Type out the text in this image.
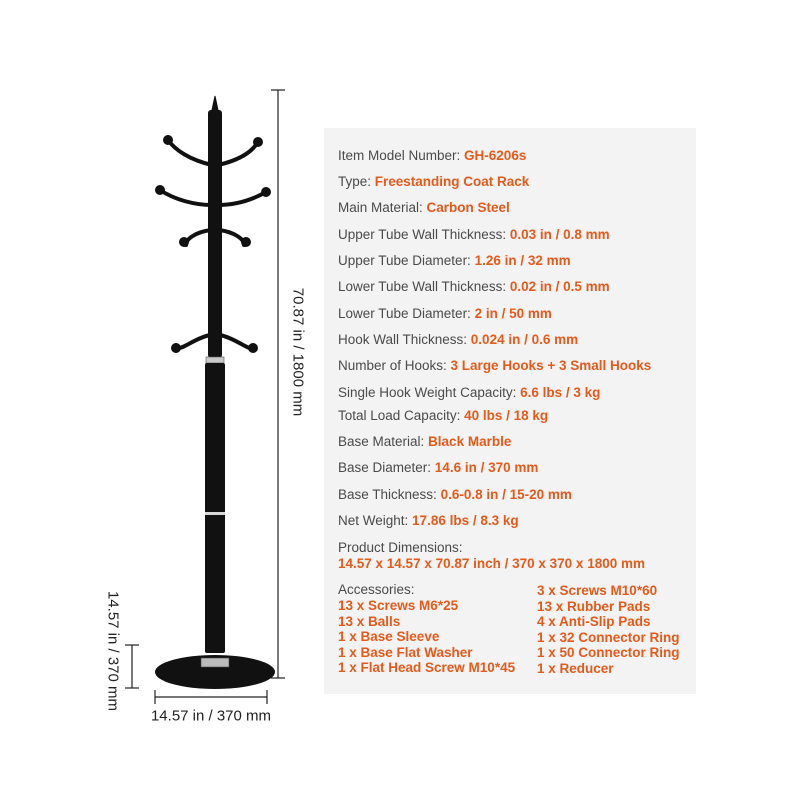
70.87 in / 1800 mm
14.57 in / 370 mm
14.57 in / 370 mm
Item Model Number: GH-6206s
Type: Freestanding Coat Rack
Main Material: Carbon Steel
Upper Tube Wall Thickness: 0.03 in / 0.8 mm
Upper Tube Diameter: 1.26 in / 32 mm
Lower Tube Wall Thickness: 0.02 in / 0.5 mm
Lower Tube Diameter: 2 in / 50 mm
Hook Wall Thickness: 0.024 in / 0.6 mm
Number of Hooks: 3 Large Hooks + 3 Small Hooks
Single Hook Weight Capacity: 6.6 lbs / 3 kg
Total Load Capacity: 40 lbs / 18 kg
Base Material: Black Marble
Base Diameter: 14.6 in / 370 mm
Base Thickness: 0.6-0.8 in / 15-20 mm
Net Weight: 17.86 lbs / 8.3 kg
Product Dimensions:
14.57 x 14.57 x 70.87 inch / 370 x 370 x 1800 mm
Accessories:
13 x Screws M6*25
13 x Balls
1 x Base Sleeve
1 x Base Flat Washer
1 x Flat Head Screw M10*45
3 x Screws M10*60
13 x Rubber Pads
4 x Anti-Slip Pads
1 x 32 Connector Ring
1 x 50 Connector Ring
1 x Reducer
